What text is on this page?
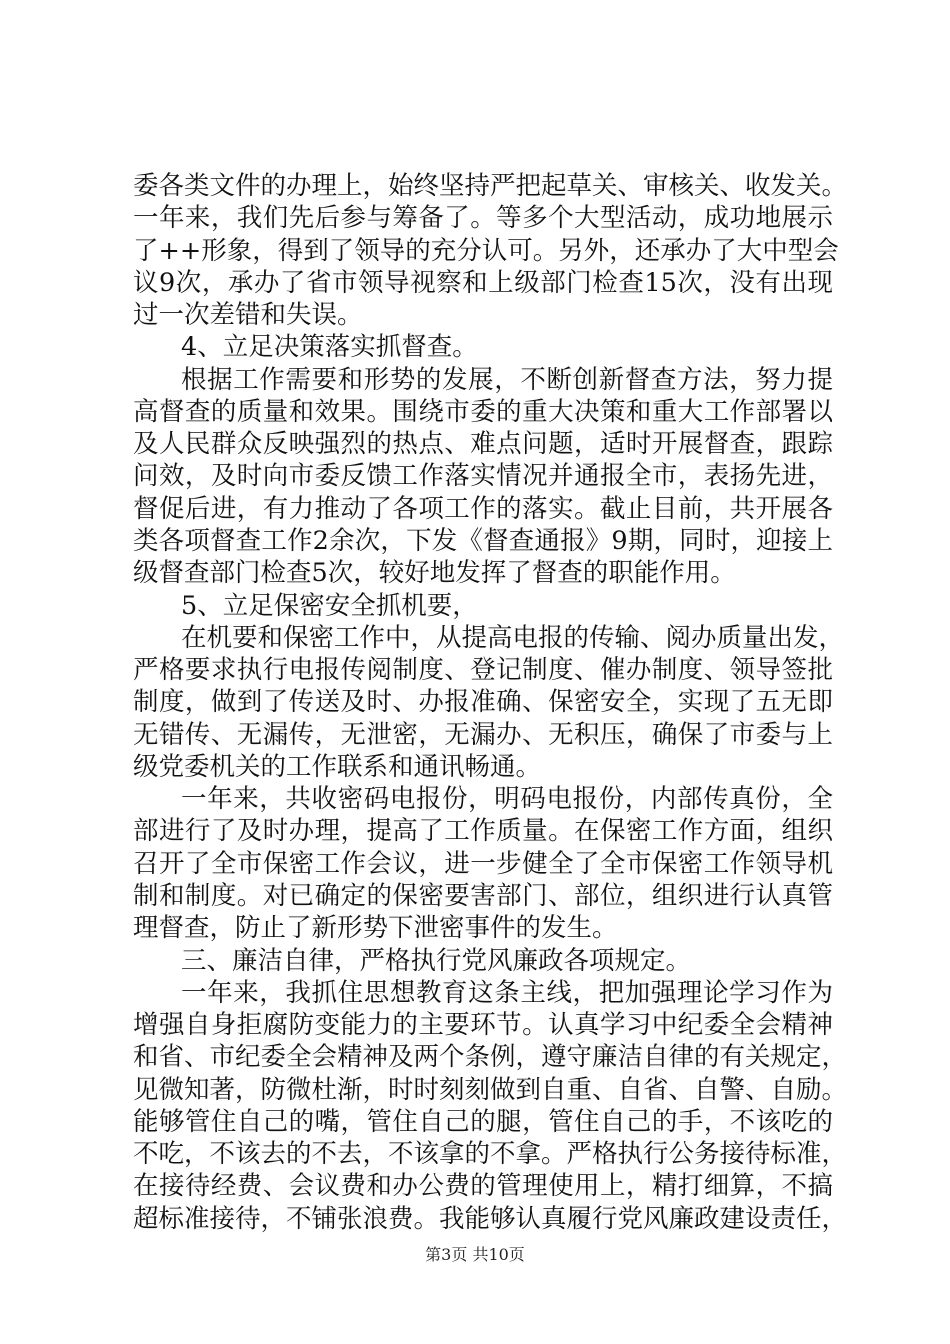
委各类文件的办理上，始终坚持严把起草关、审核关、收发关。
一年来，我们先后参与筹备了。等多个大型活动，成功地展示
了++形象，得到了领导的充分认可。另外，还承办了大中型会
议9次，承办了省市领导视察和上级部门检查15次，没有出现
过一次差错和失误。
4、立足决策落实抓督查。
根据工作需要和形势的发展，不断创新督查方法，努力提
高督查的质量和效果。围绕市委的重大决策和重大工作部署以
及人民群众反映强烈的热点、难点问题，适时开展督查，跟踪
问效，及时向市委反馈工作落实情况并通报全市，表扬先进，
督促后进，有力推动了各项工作的落实。截止目前，共开展各
类各项督查工作2余次，下发《督查通报》9期，同时，迎接上
级督查部门检查5次，较好地发挥了督查的职能作用。
5、立足保密安全抓机要，
在机要和保密工作中，从提高电报的传输、阅办质量出发，
严格要求执行电报传阅制度、登记制度、催办制度、领导签批
制度，做到了传送及时、办报准确、保密安全，实现了五无即
无错传、无漏传，无泄密，无漏办、无积压，确保了市委与上
级党委机关的工作联系和通讯畅通。
一年来，共收密码电报份，明码电报份，内部传真份，全
部进行了及时办理，提高了工作质量。在保密工作方面，组织
召开了全市保密工作会议，进一步健全了全市保密工作领导机
制和制度。对已确定的保密要害部门、部位，组织进行认真管
理督查，防止了新形势下泄密事件的发生。
三、廉洁自律，严格执行党风廉政各项规定。
一年来，我抓住思想教育这条主线，把加强理论学习作为
增强自身拒腐防变能力的主要环节。认真学习中纪委全会精神
和省、市纪委全会精神及两个条例，遵守廉洁自律的有关规定，
见微知著，防微杜渐，时时刻刻做到自重、自省、自警、自励。
能够管住自己的嘴，管住自己的腿，管住自己的手，不该吃的
不吃，不该去的不去，不该拿的不拿。严格执行公务接待标准，
在接待经费、会议费和办公费的管理使用上，精打细算，不搞
超标准接待，不铺张浪费。我能够认真履行党风廉政建设责任，
第3页 共10页
